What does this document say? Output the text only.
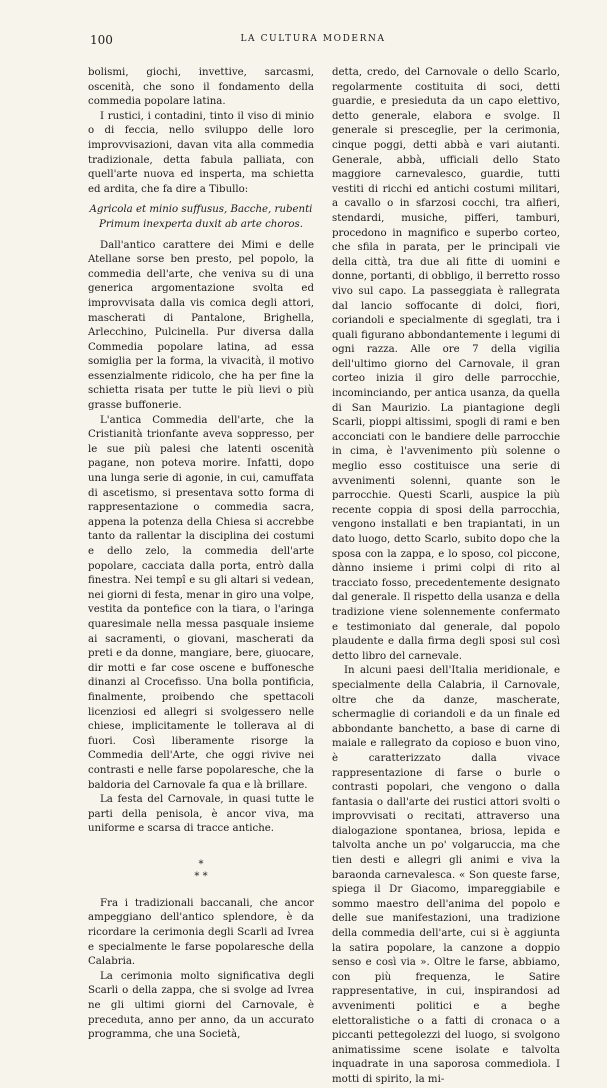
100	LA CULTURA MODERNA

bolismi, giochi, invettive, sarcasmi, oscenità, che sono il fondamento della commedia popolare latina.

I rustici, i contadini, tinto il viso di minio o di feccia, nello sviluppo delle loro improvvisazioni, davan vita alla commedia tradizionale, detta fabula palliata, con quell'arte nuova ed insperta, ma schietta ed ardita, che fa dire a Tibullo:

Agricola et minio suffusus, Bacche, rubenti
Primum inexperta duxit ab arte choros.

Dall'antico carattere dei Mimi e delle Atellane sorse ben presto, pel popolo, la commedia dell'arte, che veniva su di una generica argomentazione svolta ed improvvisata dalla vis comica degli attori, mascherati di Pantalone, Brighella, Arlecchino, Pulcinella. Pur diversa dalla Commedia popolare latina, ad essa somiglia per la forma, la vivacità, il motivo essenzialmente ridicolo, che ha per fine la schietta risata per tutte le più lievi o più grasse buffonerie.

L'antica Commedia dell'arte, che la Cristianità trionfante aveva soppresso, per le sue più palesi che latenti oscenità pagane, non poteva morire. Infatti, dopo una lunga serie di agonie, in cui, camuffata di ascetismo, si presentava sotto forma di rappresentazione o commedia sacra, appena la potenza della Chiesa si accrebbe tanto da rallentar la disciplina dei costumi e dello zelo, la commedia dell'arte popolare, cacciata dalla porta, entrò dalla finestra. Nei tempî e su gli altari si vedean, nei giorni di festa, menar in giro una volpe, vestita da pontefice con la tiara, o l'aringa quaresimale nella messa pasquale insieme ai sacramenti, o giovani, mascherati da preti e da donne, mangiare, bere, giuocare, dir motti e far cose oscene e buffonesche dinanzi al Crocefisso. Una bolla pontificia, finalmente, proibendo che spettacoli licenziosi ed allegri si svolgessero nelle chiese, implicitamente le tollerava al di fuori. Così liberamente risorge la Commedia dell'Arte, che oggi rivive nei contrasti e nelle farse popolaresche, che la baldoria del Carnovale fa qua e là brillare.

La festa del Carnovale, in quasi tutte le parti della penisola, è ancor viva, ma uniforme e scarsa di tracce antiche.

*
* *

Fra i tradizionali baccanali, che ancor ampeggiano dell'antico splendore, è da ricordare la cerimonia degli Scarli ad Ivrea e specialmente le farse popolaresche della Calabria.

La cerimonia molto significativa degli Scarli o della zappa, che si svolge ad Ivrea ne gli ultimi giorni del Carnovale, è preceduta, anno per anno, da un accurato programma, che una Società,

detta, credo, del Carnovale o dello Scarlo, regolarmente costituita di soci, detti guardie, e presieduta da un capo elettivo, detto generale, elabora e svolge. Il generale si presceglie, per la cerimonia, cinque poggi, detti abbà e vari aiutanti. Generale, abbà, ufficiali dello Stato maggiore carnevalesco, guardie, tutti vestiti di ricchi ed antichi costumi militari, a cavallo o in sfarzosi cocchi, tra alfieri, stendardi, musiche, pifferi, tamburi, procedono in magnifico e superbo corteo, che sfila in parata, per le principali vie della città, tra due ali fitte di uomini e donne, portanti, di obbligo, il berretto rosso vivo sul capo. La passeggiata è rallegrata dal lancio soffocante di dolci, fiori, coriandoli e specialmente di sgeglati, tra i quali figurano abbondantemente i legumi di ogni razza. Alle ore 7 della vigilia dell'ultimo giorno del Carnovale, il gran corteo inizia il giro delle parrocchie, incominciando, per antica usanza, da quella di San Maurizio. La piantagione degli Scarli, pioppi altissimi, spogli di rami e ben acconciati con le bandiere delle parrocchie in cima, è l'avvenimento più solenne o meglio esso costituisce una serie di avvenimenti solenni, quante son le parrocchie. Questi Scarli, auspice la più recente coppia di sposi della parrocchia, vengono installati e ben trapiantati, in un dato luogo, detto Scarlo, subito dopo che la sposa con la zappa, e lo sposo, col piccone, dànno insieme i primi colpi di rito al tracciato fosso, precedentemente designato dal generale. Il rispetto della usanza e della tradizione viene solennemente confermato e testimoniato dal generale, dal popolo plaudente e dalla firma degli sposi sul così detto libro del carnevale.

In alcuni paesi dell'Italia meridionale, e specialmente della Calabria, il Carnovale, oltre che da danze, mascherate, schermaglie di coriandoli e da un finale ed abbondante banchetto, a base di carne di maiale e rallegrato da copioso e buon vino, è caratterizzato dalla vivace rappresentazione di farse o burle o contrasti popolari, che vengono o dalla fantasia o dall'arte dei rustici attori svolti o improvvisati o recitati, attraverso una dialogazione spontanea, briosa, lepida e talvolta anche un po' volgaruccia, ma che tien desti e allegri gli animi e viva la baraonda carnevalesca. « Son queste farse, spiega il Dr Giacomo, impareggiabile e sommo maestro dell'anima del popolo e delle sue manifestazioni, una tradizione della commedia dell'arte, cui si è aggiunta la satira popolare, la canzone a doppio senso e così via ». Oltre le farse, abbiamo, con più frequenza, le Satire rappresentative, in cui, inspirandosi ad avvenimenti politici e a beghe elettoralistiche o a fatti di cronaca o a piccanti pettegolezzi del luogo, si svolgono animatissime scene isolate e talvolta inquadrate in una saporosa commediola. I motti di spirito, la mi-
